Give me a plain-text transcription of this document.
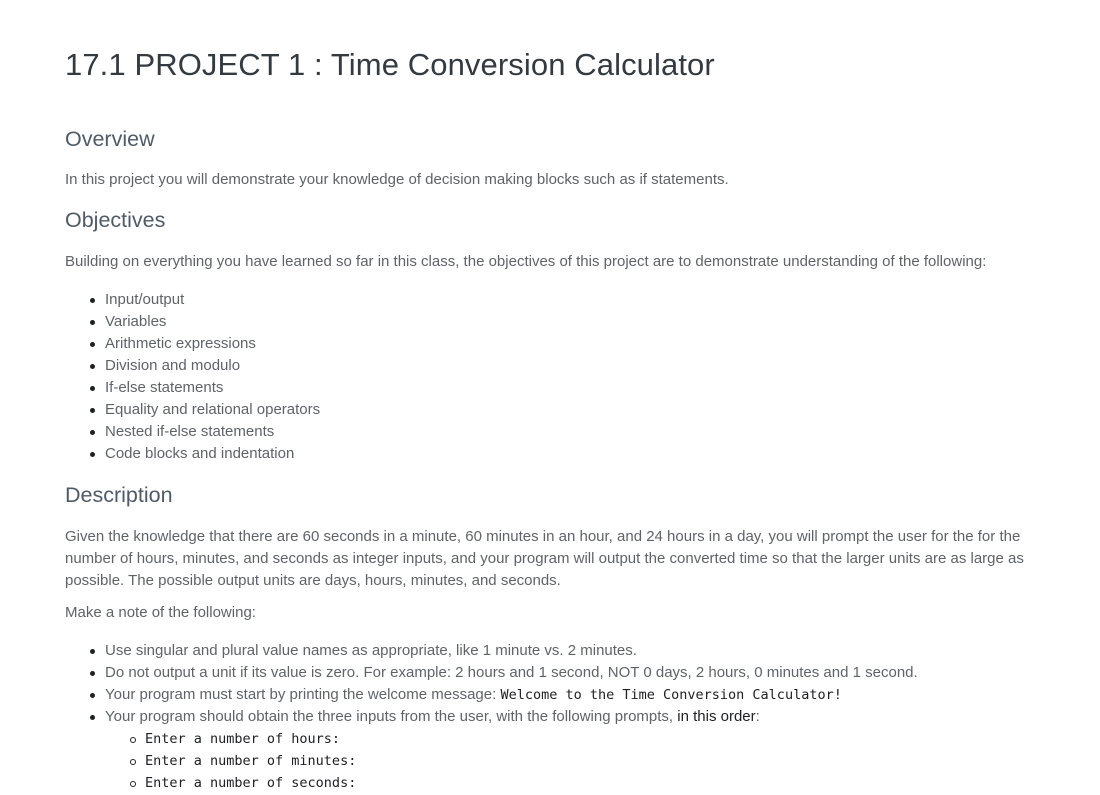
17.1 PROJECT 1 : Time Conversion Calculator
Overview

In this project you will demonstrate your knowledge of decision making blocks such as if statements.

Objectives

Building on everything you have learned so far in this class, the objectives of this project are to demonstrate understanding of the following:

Input/output
Variables
Arithmetic expressions
Division and modulo
If-else statements
Equality and relational operators
Nested if-else statements
Code blocks and indentation
Description

Given the knowledge that there are 60 seconds in a minute, 60 minutes in an hour, and 24 hours in a day, you will prompt the user for the for the number of hours, minutes, and seconds as integer inputs, and your program will output the converted time so that the larger units are as large as possible. The possible output units are days, hours, minutes, and seconds.

Make a note of the following:

Use singular and plural value names as appropriate, like 1 minute vs. 2 minutes.
Do not output a unit if its value is zero. For example: 2 hours and 1 second, NOT 0 days, 2 hours, 0 minutes and 1 second.
Your program must start by printing the welcome message: Welcome to the Time Conversion Calculator!
Your program should obtain the three inputs from the user, with the following prompts, in this order:
Enter a number of hours:
Enter a number of minutes:
Enter a number of seconds:
